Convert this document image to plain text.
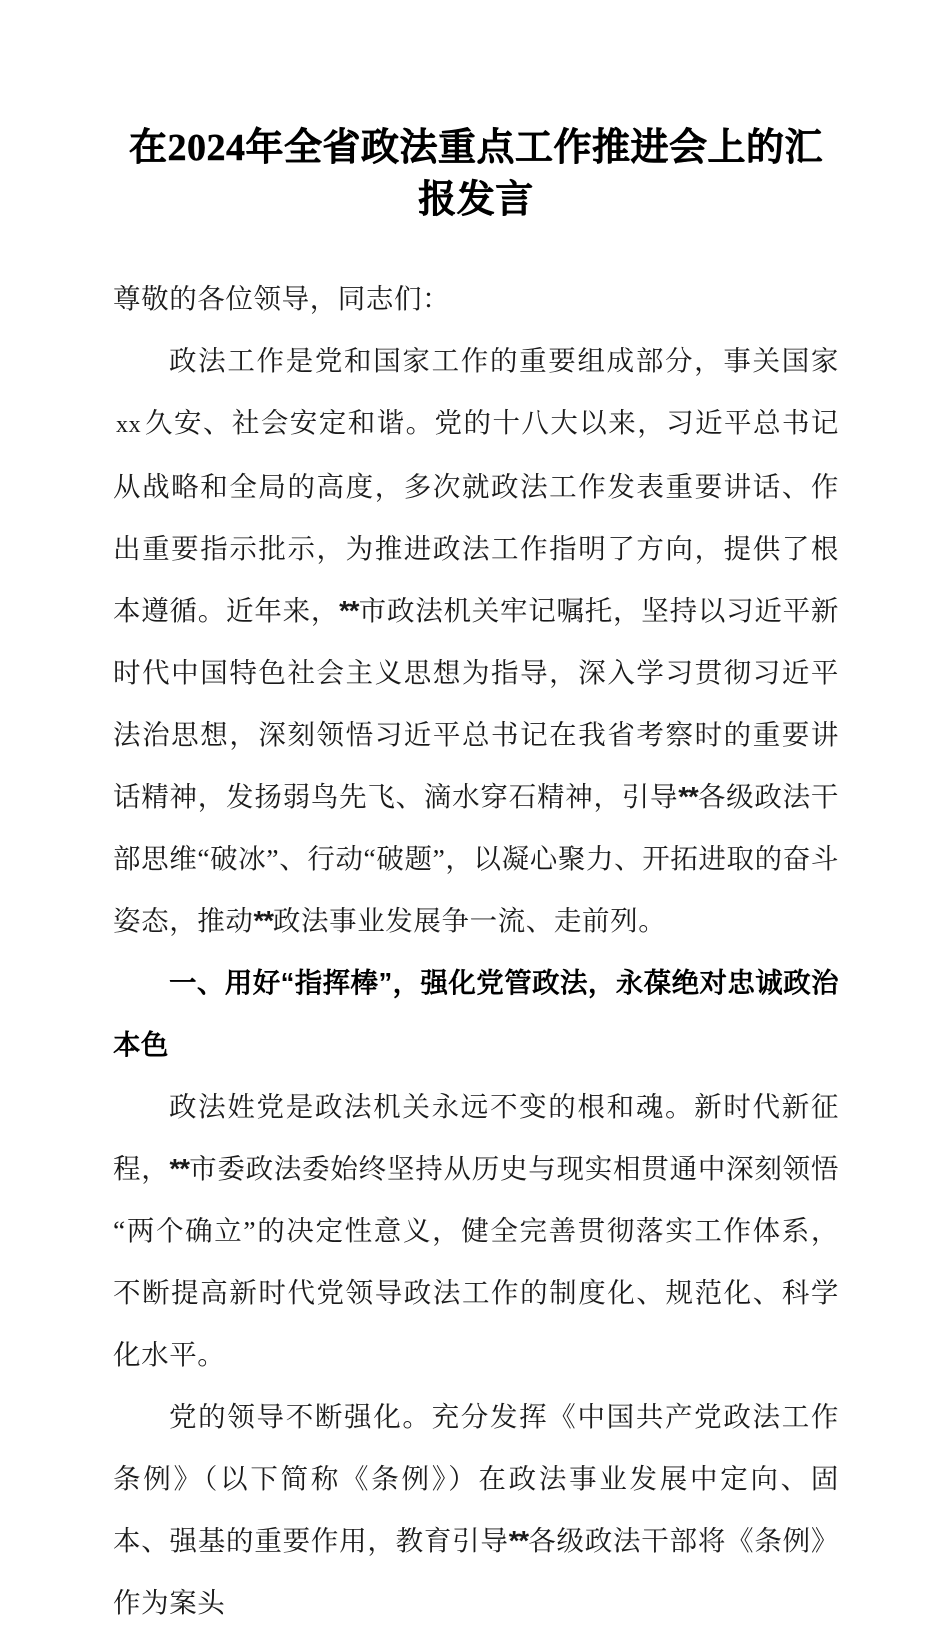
在2024年全省政法重点工作推进会上的汇报发言

尊敬的各位领导，同志们：

政法工作是党和国家工作的重要组成部分，事关国家xx 久安、社会安定和谐。党的十八大以来，习近平总书记从战略和全局的高度，多次就政法工作发表重要讲话、作出重要指示批示，为推进政法工作指明了方向，提供了根本遵循。近年来，**市政法机关牢记嘱托，坚持以习近平新时代中国特色社会主义思想为指导，深入学习贯彻习近平法治思想，深刻领悟习近平总书记在我省考察时的重要讲话精神，发扬弱鸟先飞、滴水穿石精神，引导**各级政法干部思维“破冰”、行动“破题”，以凝心聚力、开拓进取的奋斗姿态，推动**政法事业发展争一流、走前列。

一、用好“指挥棒”，强化党管政法，永葆绝对忠诚政治本色

政法姓党是政法机关永远不变的根和魂。新时代新征程，**市委政法委始终坚持从历史与现实相贯通中深刻领悟“两个确立”的决定性意义，健全完善贯彻落实工作体系，不断提高新时代党领导政法工作的制度化、规范化、科学化水平。

党的领导不断强化。充分发挥《中国共产党政法工作条例》（以下简称《条例》）在政法事业发展中定向、固本、强基的重要作用，教育引导**各级政法干部将《条例》作为案头
